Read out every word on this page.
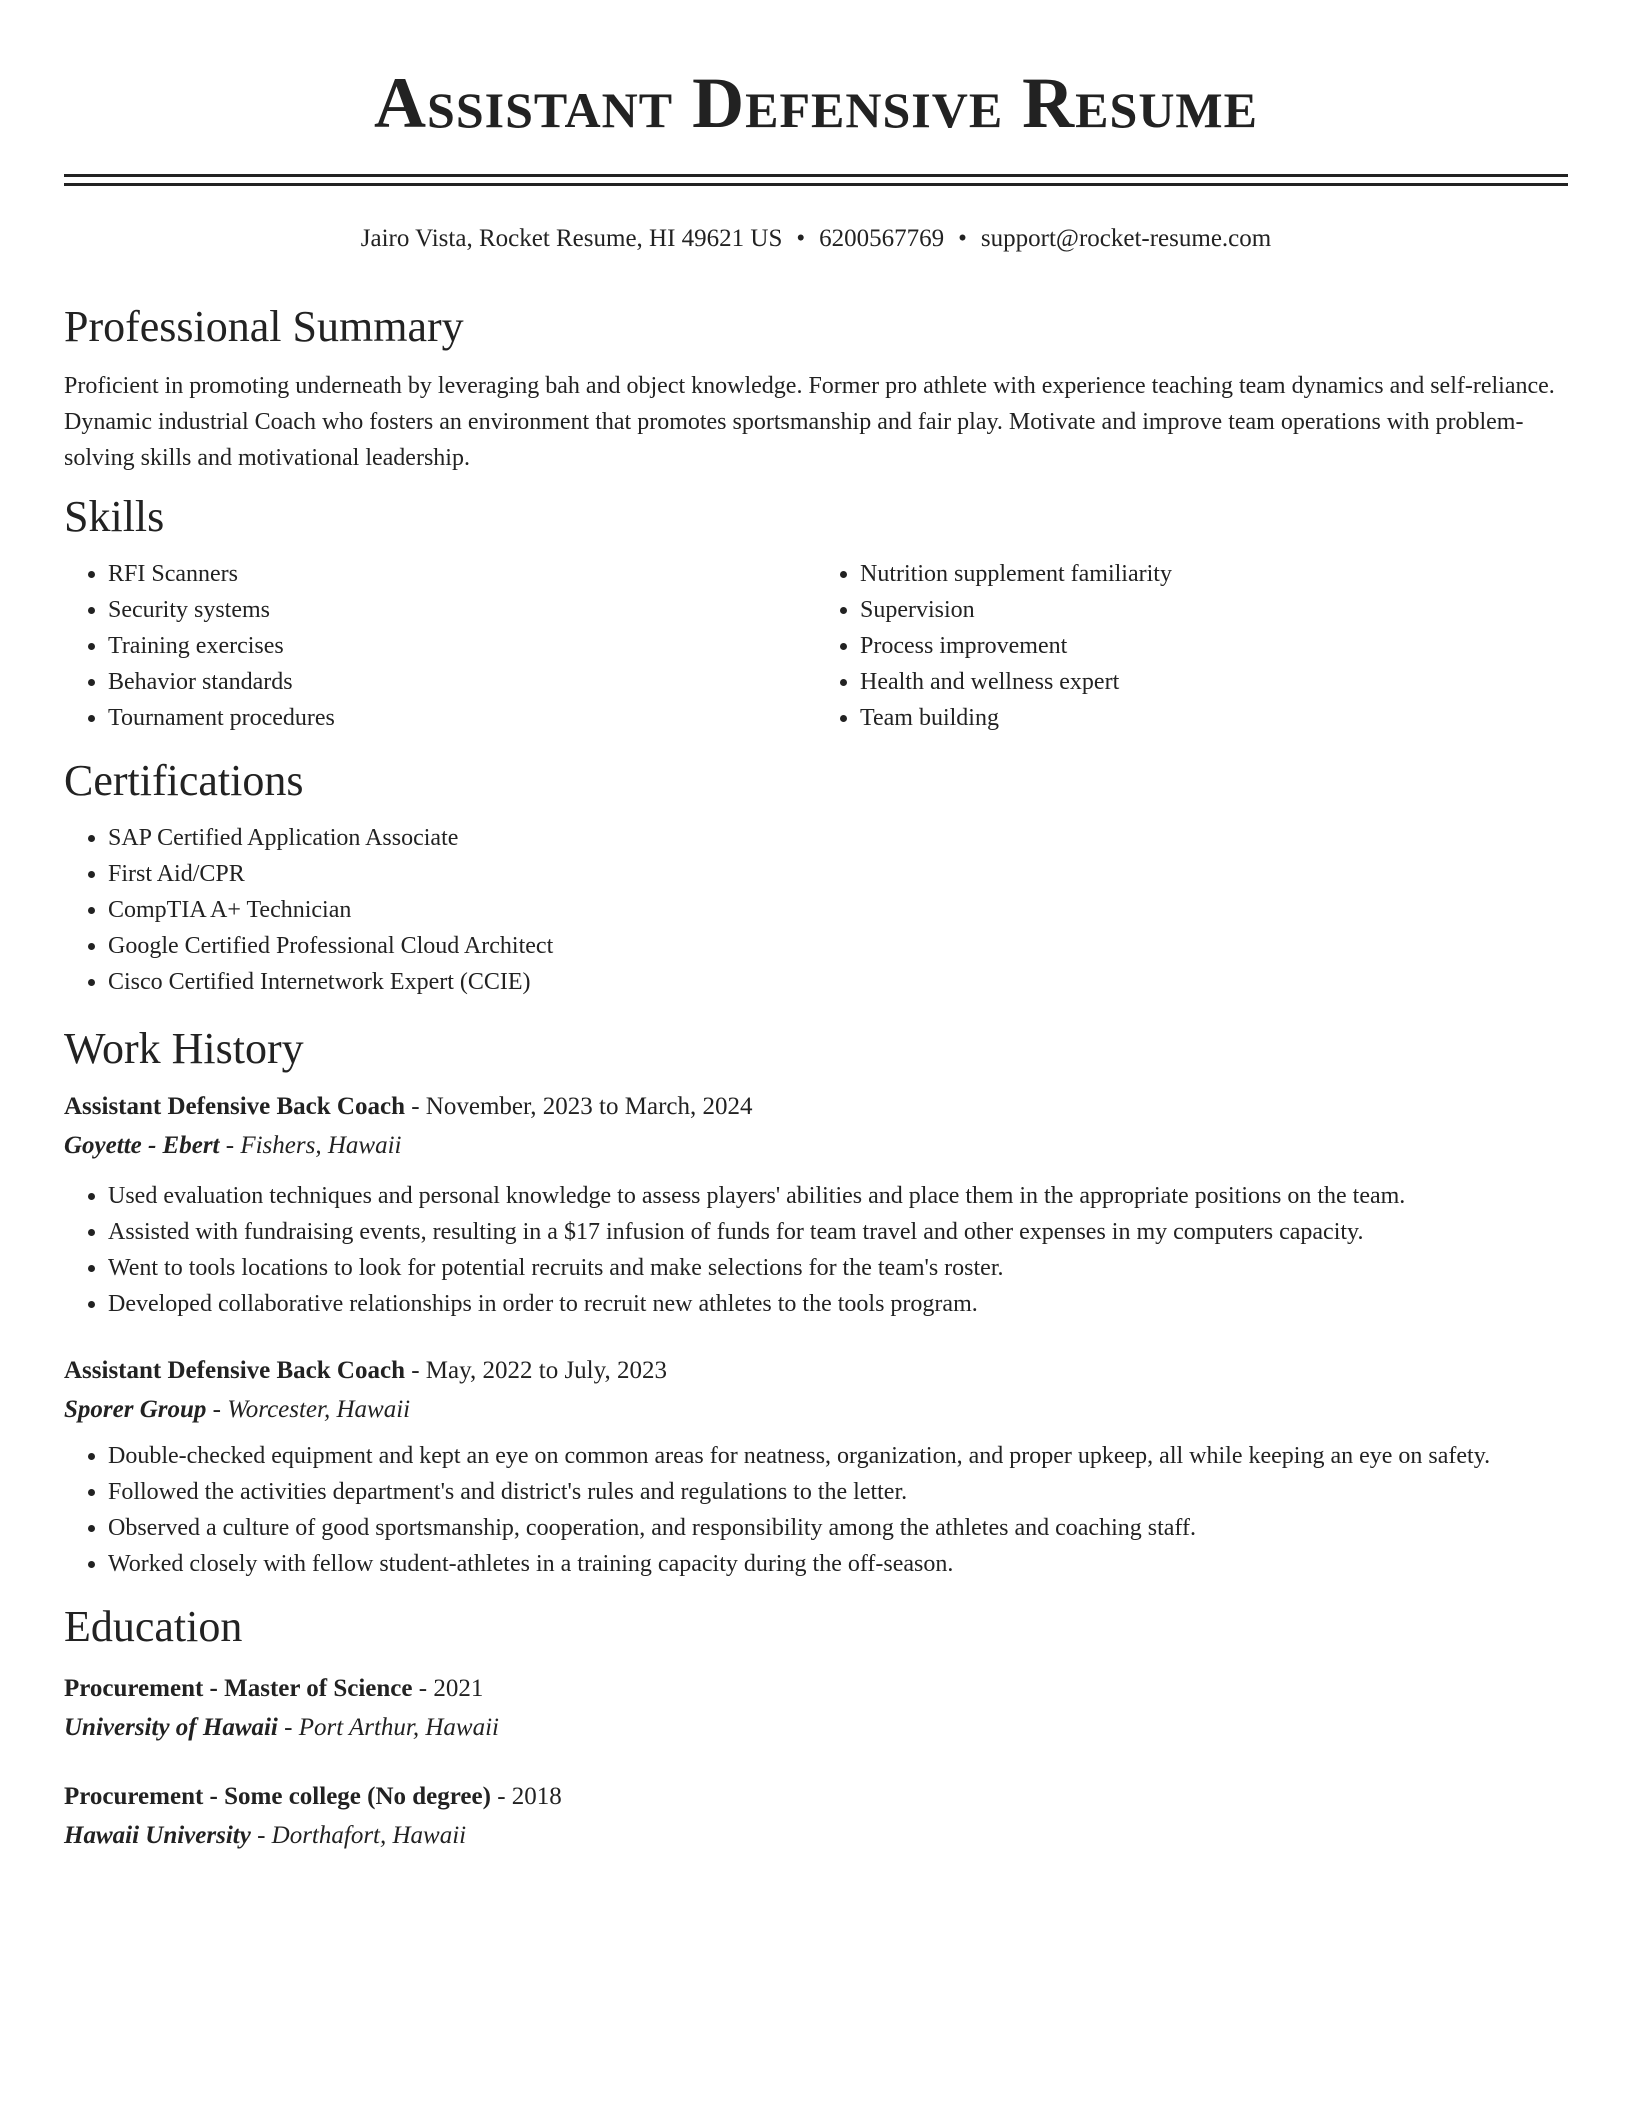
Assistant Defensive Resume
Jairo Vista, Rocket Resume, HI 49621 US • 6200567769 • support@rocket-resume.com
Professional Summary

Proficient in promoting underneath by leveraging bah and object knowledge. Former pro athlete with experience teaching team dynamics and self-reliance. Dynamic industrial Coach who fosters an environment that promotes sportsmanship and fair play. Motivate and improve team operations with problem-solving skills and motivational leadership.

Skills
• RFI Scanners
• Security systems
• Training exercises
• Behavior standards
• Tournament procedures
• Nutrition supplement familiarity
• Supervision
• Process improvement
• Health and wellness expert
• Team building
Certifications
• SAP Certified Application Associate
• First Aid/CPR
• CompTIA A+ Technician
• Google Certified Professional Cloud Architect
• Cisco Certified Internetwork Expert (CCIE)
Work History
Assistant Defensive Back Coach - November, 2023 to March, 2024
Goyette - Ebert - Fishers, Hawaii
• Used evaluation techniques and personal knowledge to assess players' abilities and place them in the appropriate positions on the team.
• Assisted with fundraising events, resulting in a $17 infusion of funds for team travel and other expenses in my computers capacity.
• Went to tools locations to look for potential recruits and make selections for the team's roster.
• Developed collaborative relationships in order to recruit new athletes to the tools program.
Assistant Defensive Back Coach - May, 2022 to July, 2023
Sporer Group - Worcester, Hawaii
• Double-checked equipment and kept an eye on common areas for neatness, organization, and proper upkeep, all while keeping an eye on safety.
• Followed the activities department's and district's rules and regulations to the letter.
• Observed a culture of good sportsmanship, cooperation, and responsibility among the athletes and coaching staff.
• Worked closely with fellow student-athletes in a training capacity during the off-season.
Education
Procurement - Master of Science - 2021
University of Hawaii - Port Arthur, Hawaii
Procurement - Some college (No degree) - 2018
Hawaii University - Dorthafort, Hawaii
